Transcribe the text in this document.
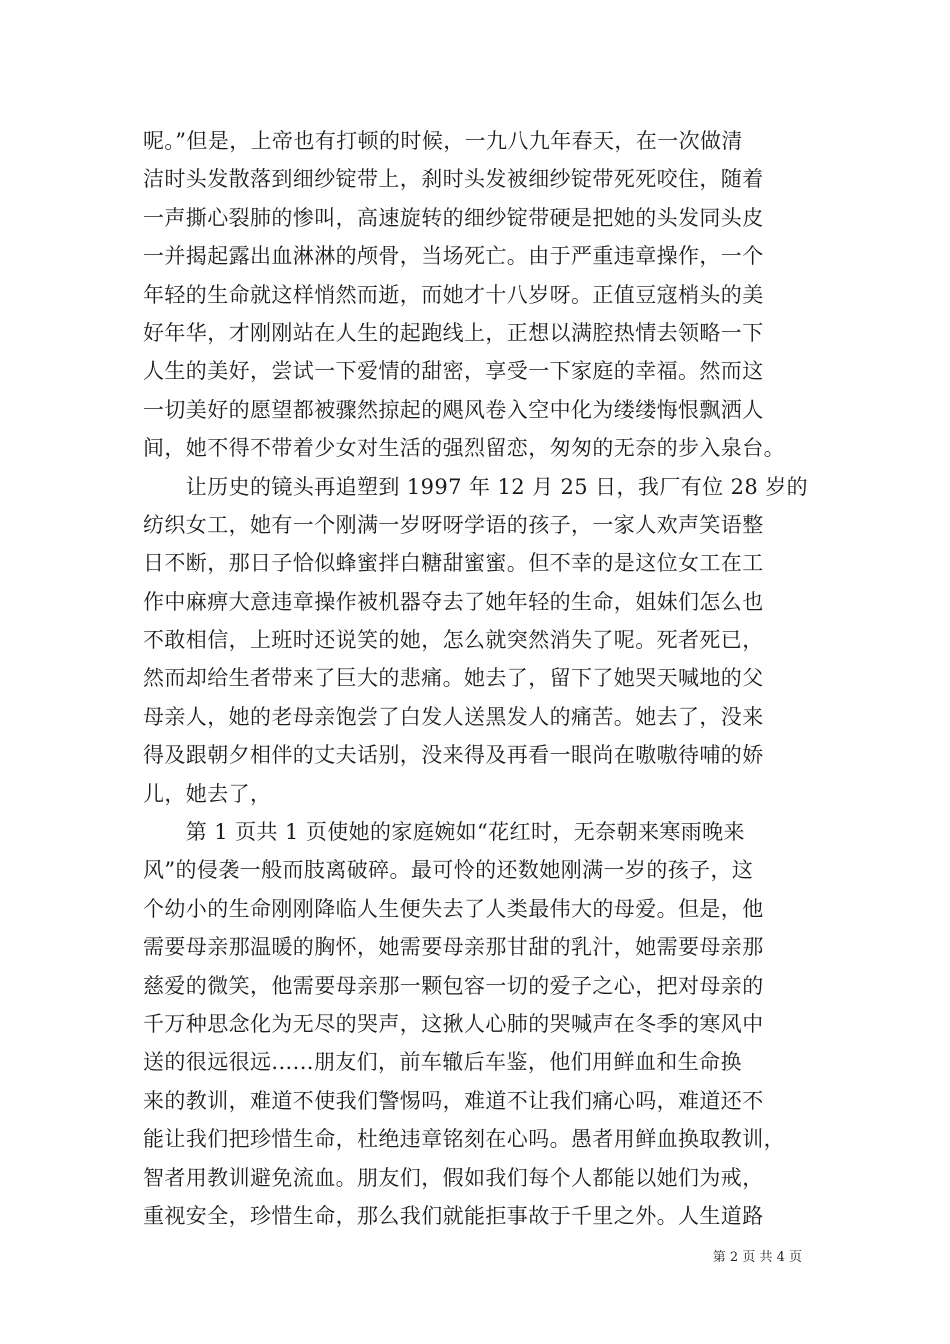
呢。”但是，上帝也有打顿的时候，一九八九年春天，在一次做清
洁时头发散落到细纱锭带上，刹时头发被细纱锭带死死咬住，随着
一声撕心裂肺的惨叫，高速旋转的细纱锭带硬是把她的头发同头皮
一并揭起露出血淋淋的颅骨，当场死亡。由于严重违章操作，一个
年轻的生命就这样悄然而逝，而她才十八岁呀。正值豆寇梢头的美
好年华，才刚刚站在人生的起跑线上，正想以满腔热情去领略一下
人生的美好，尝试一下爱情的甜密，享受一下家庭的幸福。然而这
一切美好的愿望都被骤然掠起的飓风卷入空中化为缕缕悔恨飘洒人
间，她不得不带着少女对生活的强烈留恋，匆匆的无奈的步入泉台。
　　让历史的镜头再追塑到 1997 年 12 月 25 日，我厂有位 28 岁的
纺织女工，她有一个刚满一岁呀呀学语的孩子，一家人欢声笑语整
日不断，那日子恰似蜂蜜拌白糖甜蜜蜜。但不幸的是这位女工在工
作中麻痹大意违章操作被机器夺去了她年轻的生命，姐妹们怎么也
不敢相信，上班时还说笑的她，怎么就突然消失了呢。死者死已，
然而却给生者带来了巨大的悲痛。她去了，留下了她哭天喊地的父
母亲人，她的老母亲饱尝了白发人送黑发人的痛苦。她去了，没来
得及跟朝夕相伴的丈夫话别，没来得及再看一眼尚在嗷嗷待哺的娇
儿，她去了，
　　第 1 页共 1 页使她的家庭婉如“花红时，无奈朝来寒雨晚来
风”的侵袭一般而肢离破碎。最可怜的还数她刚满一岁的孩子，这
个幼小的生命刚刚降临人生便失去了人类最伟大的母爱。但是，他
需要母亲那温暖的胸怀，她需要母亲那甘甜的乳汁，她需要母亲那
慈爱的微笑，他需要母亲那一颗包容一切的爱子之心，把对母亲的
千万种思念化为无尽的哭声，这揪人心肺的哭喊声在冬季的寒风中
送的很远很远......朋友们，前车辙后车鉴，他们用鲜血和生命换
来的教训，难道不使我们警惕吗，难道不让我们痛心吗，难道还不
能让我们把珍惜生命，杜绝违章铭刻在心吗。愚者用鲜血换取教训，
智者用教训避免流血。朋友们，假如我们每个人都能以她们为戒，
重视安全，珍惜生命，那么我们就能拒事故于千里之外。人生道路
第 2 页 共 4 页
